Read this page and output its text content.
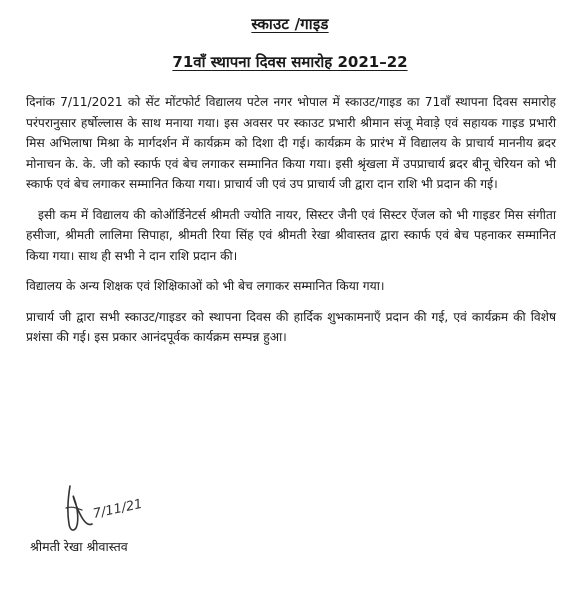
स्काउट /गाइड
71वाँ स्थापना दिवस समारोह 2021–22

दिनांक 7/11/2021 को सेंट मोंटफोर्ट विद्यालय पटेल नगर भोपाल में स्काउट/गाइड का 71वाँ स्थापना दिवस समारोह परंपरानुसार हर्षोल्लास के साथ मनाया गया। इस अवसर पर स्काउट प्रभारी श्रीमान संजू मेवाड़े एवं सहायक गाइड प्रभारी मिस अभिलाषा मिश्रा के मार्गदर्शन में कार्यक्रम को दिशा दी गई। कार्यक्रम के प्रारंभ में विद्यालय के प्राचार्य माननीय ब्रदर मोनाचन के. के. जी को स्कार्फ एवं बेच लगाकर सम्मानित किया गया। इसी श्रृंखला में उपप्राचार्य ब्रदर बीनू चेरियन को भी स्कार्फ एवं बेच लगाकर सम्मानित किया गया। प्राचार्य जी एवं उप प्राचार्य जी द्वारा दान राशि भी प्रदान की गई।

इसी कम में विद्यालय की कोऑर्डिनेटर्स श्रीमती ज्योति नायर, सिस्टर जैनी एवं सिस्टर ऐंजल को भी गाइडर मिस संगीता हसीजा, श्रीमती लालिमा सिपाहा, श्रीमती रिया सिंह एवं श्रीमती रेखा श्रीवास्तव द्वारा स्कार्फ एवं बेच पहनाकर सम्मानित किया गया। साथ ही सभी ने दान राशि प्रदान की।

विद्यालय के अन्य शिक्षक एवं शिक्षिकाओं को भी बेच लगाकर सम्मानित किया गया।

प्राचार्य जी द्वारा सभी स्काउट/गाइडर को स्थापना दिवस की हार्दिक शुभकामनाएँ प्रदान की गई, एवं कार्यक्रम की विशेष प्रशंसा की गई। इस प्रकार आनंदपूर्वक कार्यक्रम सम्पन्न हुआ।

7/11/21
श्रीमती रेखा श्रीवास्तव
